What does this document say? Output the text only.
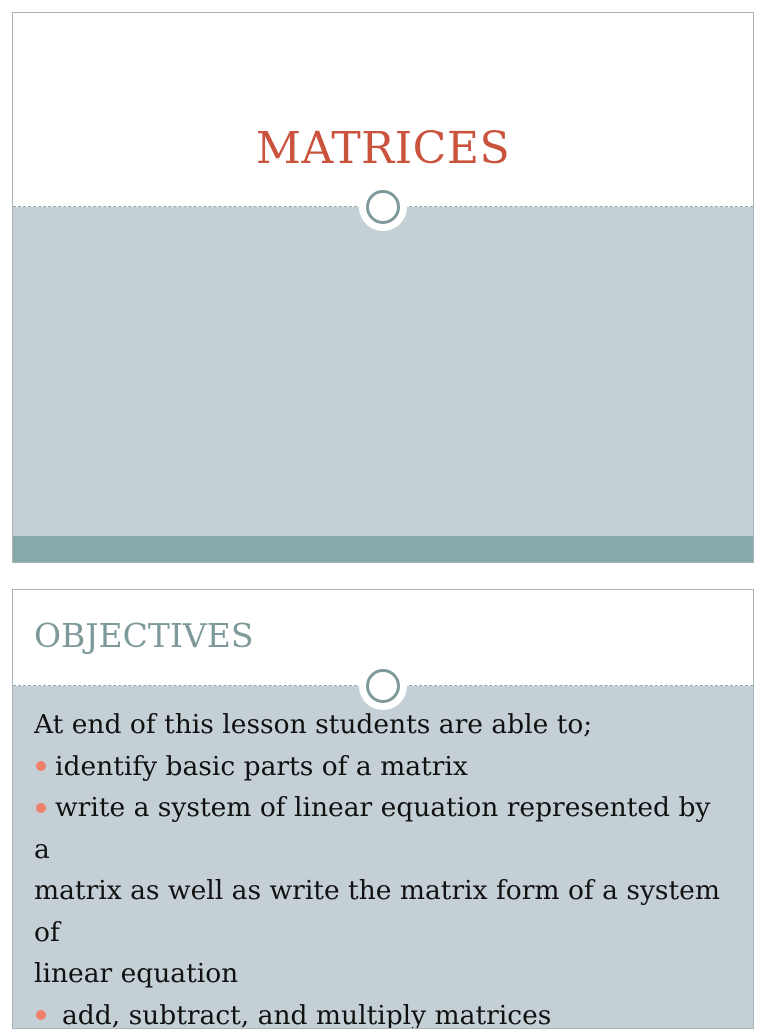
MATRICES
OBJECTIVES
At end of this lesson students are able to;
identify basic parts of a matrix
write a system of linear equation represented by a
matrix as well as write the matrix form of a system of
linear equation
add, subtract, and multiply matrices
